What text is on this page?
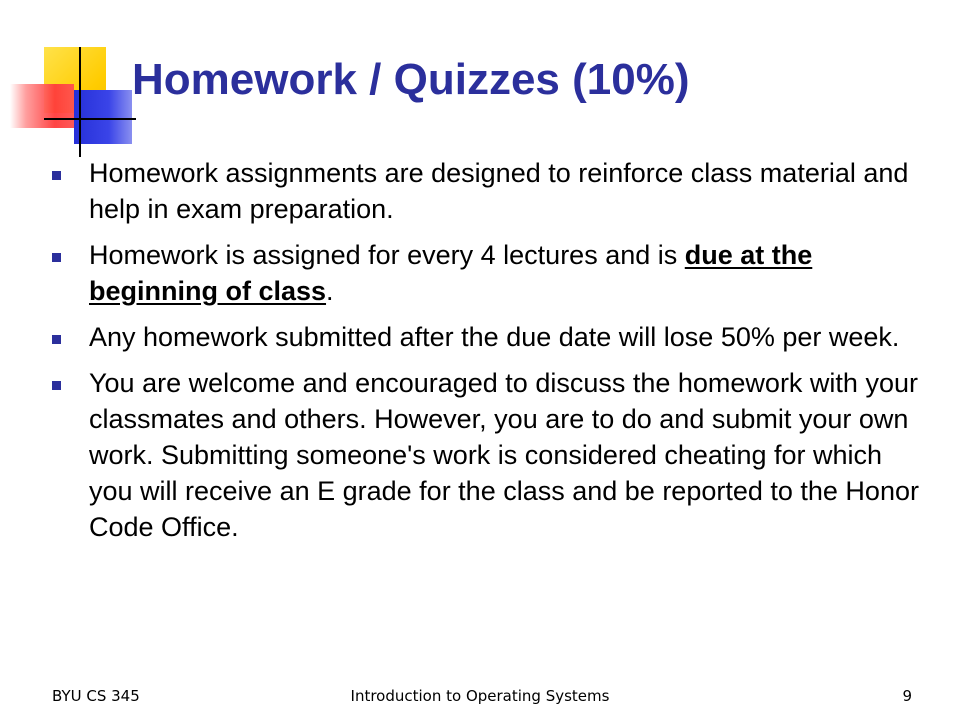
Homework / Quizzes (10%)
Homework assignments are designed to reinforce class material and help in exam preparation.
Homework is assigned for every 4 lectures and is due at the beginning of class.
Any homework submitted after the due date will lose 50% per week.
You are welcome and encouraged to discuss the homework with your classmates and others. However, you are to do and submit your own work. Submitting someone's work is considered cheating for which you will receive an E grade for the class and be reported to the Honor Code Office.
BYU CS 345	Introduction to Operating Systems	9
